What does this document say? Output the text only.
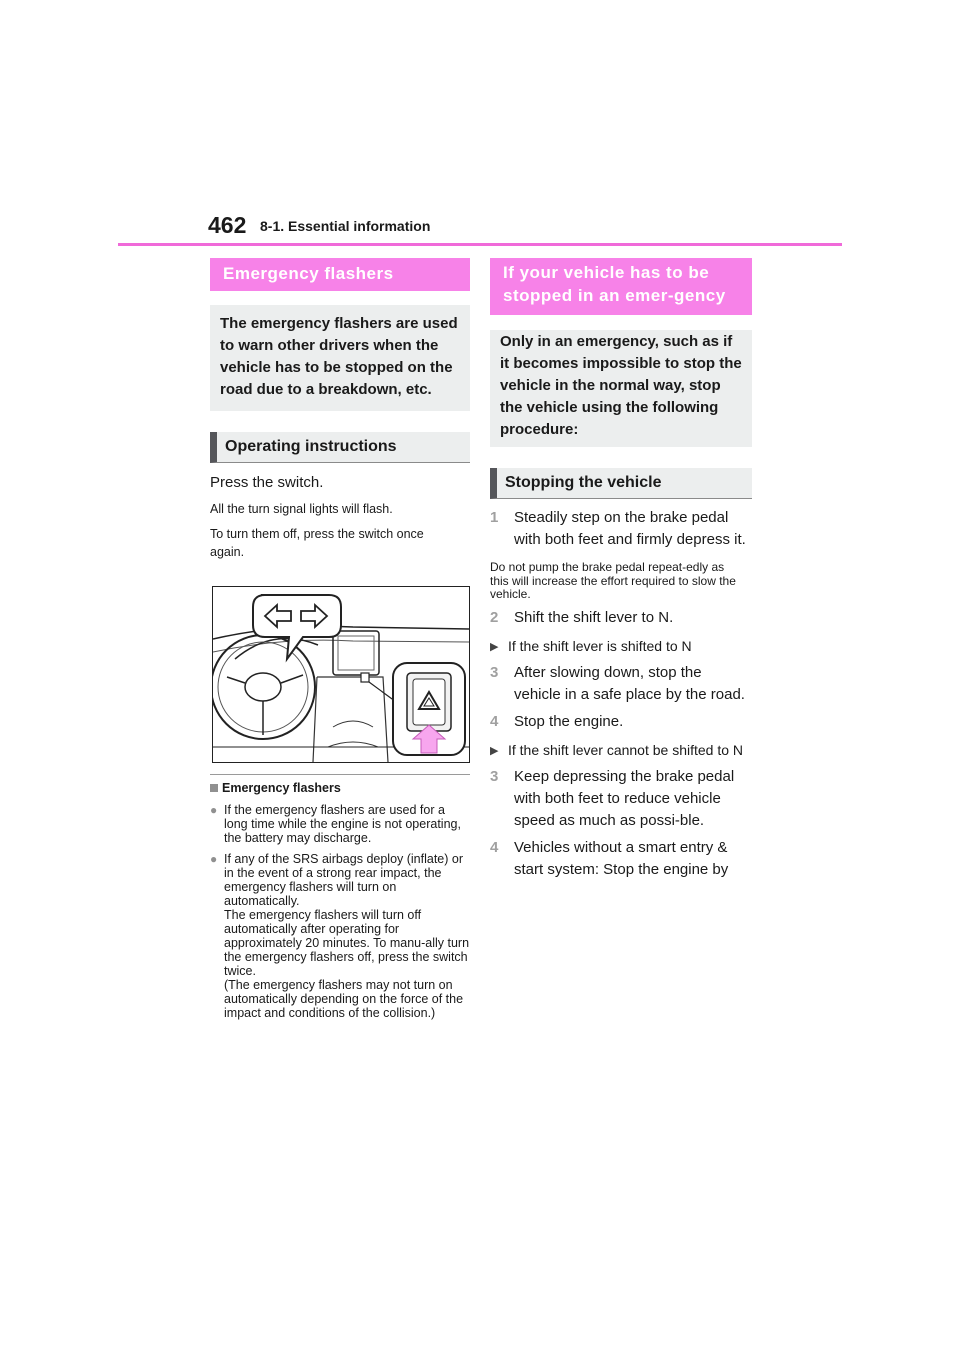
462 8-1. Essential information
Emergency flashers
The emergency flashers are used to warn other drivers when the vehicle has to be stopped on the road due to a breakdown, etc.
Operating instructions
Press the switch.
All the turn signal lights will flash.
To turn them off, press the switch once again.
Emergency flashers
● If the emergency flashers are used for a long time while the engine is not operating, the battery may discharge.
● If any of the SRS airbags deploy (inflate) or in the event of a strong rear impact, the emergency flashers will turn on automatically.
The emergency flashers will turn off automatically after operating for approximately 20 minutes. To manu-ally turn the emergency flashers off, press the switch twice.
(The emergency flashers may not turn on automatically depending on the force of the impact and conditions of the collision.)
If your vehicle has to be stopped in an emer-gency
Only in an emergency, such as if it becomes impossible to stop the vehicle in the normal way, stop the vehicle using the following procedure:
Stopping the vehicle
1	Steadily step on the brake pedal with both feet and firmly depress it.
Do not pump the brake pedal repeat-edly as this will increase the effort required to slow the vehicle.
2	Shift the shift lever to N.
▶ If the shift lever is shifted to N
3	After slowing down, stop the vehicle in a safe place by the road.
4	Stop the engine.
▶ If the shift lever cannot be shifted to N
3	Keep depressing the brake pedal with both feet to reduce vehicle speed as much as possi-ble.
4	Vehicles without a smart entry & start system: Stop the engine by
